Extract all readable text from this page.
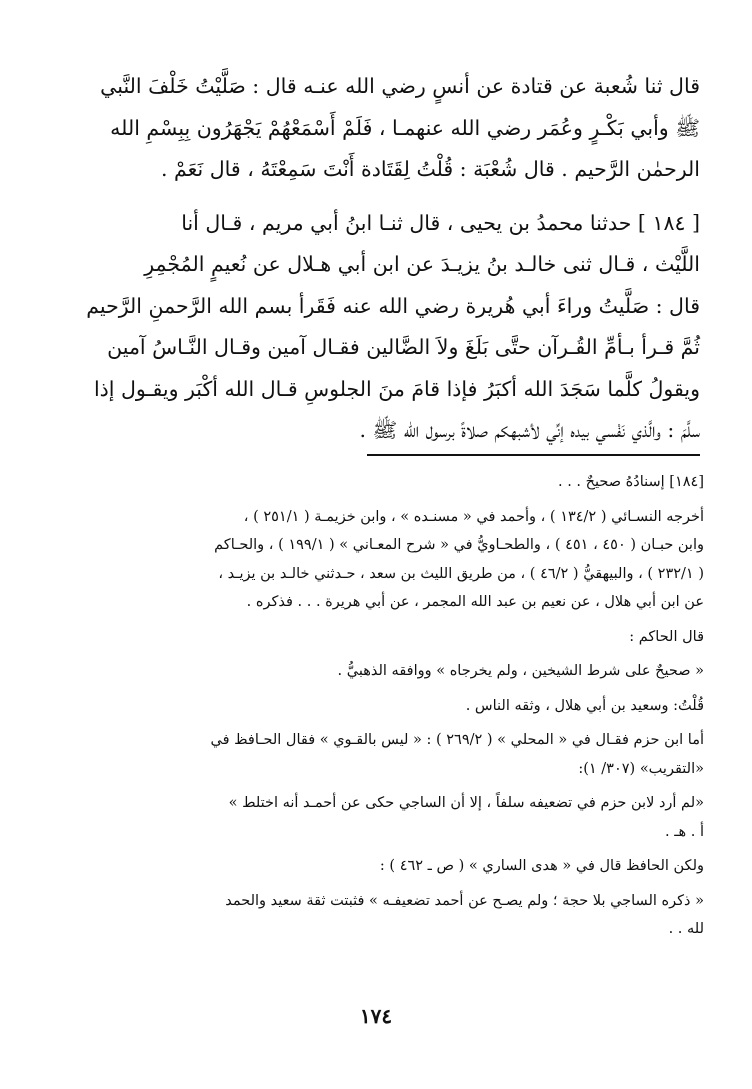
قال ثنا شُعبة عن قتادة عن أنسٍ رضي الله عنـه قال : صَلَّيْتُ خَلْفَ النَّبي

ﷺ وأبي بَكْـرٍ وعُمَر رضي الله عنهمـا ، فَلَمْ أَسْمَعْهُمْ يَجْهَرُون بِبِسْمِ الله

الرحمٰن الرَّحيم . قال شُعْبَة : قُلْتُ لِقَتَادة أَنْتَ سَمِعْتَهُ ، قال نَعَمْ .

[ ١٨٤ ] حدثنا محمدُ بن يحيى ، قال ثنـا ابنُ أبي مريم ، قـال أنا

اللَّيْث ، قـال ثنى خالـد بنُ يزيـدَ عن ابن أبي هـلال عن نُعيمٍ المُجْمِرِ

قال : صَلَّيتُ وراءَ أبي هُريرة رضي الله عنه فَقَرأ بسم الله الرَّحمنِ الرَّحيم

ثُمَّ قـرأ بـأمِّ القُـرآن حتَّى بَلَغَ ولاَ الضَّالين فقـال آمين وقـال النَّـاسُ آمين

ويقولُ كلَّما سَجَدَ الله أكبَرُ فإذا قامَ منَ الجلوسِ قـال الله أكْبَر ويقـول إذا

سلَّمَ : والَّذي نَفْسي بيده إنِّي لأشبهكم صلاةً برسول الله ﷺ .

[١٨٤] إسنادُهُ صحيحٌ . . .

أخرجه النسـائي ( ١٣٤/٢ ) ، وأحمد في « مسنـده » ، وابن خزيمـة ( ٢٥١/١ ) ،

وابن حبـان ( ٤٥٠ ، ٤٥١ ) ، والطحـاويُّ في « شرح المعـاني » ( ١٩٩/١ ) ، والحـاكم

( ٢٣٢/١ ) ، والبيهقيُّ ( ٤٦/٢ ) ، من طريق الليث بن سعد ، حـدثني خالـد بن يزيـد ،

عن ابن أبي هلال ، عن نعيم بن عبد الله المجمر ، عن أبي هريرة . . . فذكره .

قال الحاكم :

« صحيحٌ على شرط الشيخين ، ولم يخرجاه » ووافقه الذهبيُّ .

قُلْتُ: وسعيد بن أبي هلال ، وثقه الناس .

أما ابن حزم فقـال في « المحلي » ( ٢٦٩/٢ ) : « ليس بالقـوي » فقال الحـافظ في

«التقريب» (٣٠٧/ ١):

«لم أرد لابن حزم في تضعيفه سلفاً ، إلا أن الساجي حكى عن أحمـد أنه اختلط »

أ . هـ .

ولكن الحافظ قال في « هدى الساري » ( ص ـ ٤٦٢ ) :

« ذكره الساجي بلا حجة ؛ ولم يصـح عن أحمد تضعيفـه » فثبتت ثقة سعيد والحمد

لله . .

١٧٤
